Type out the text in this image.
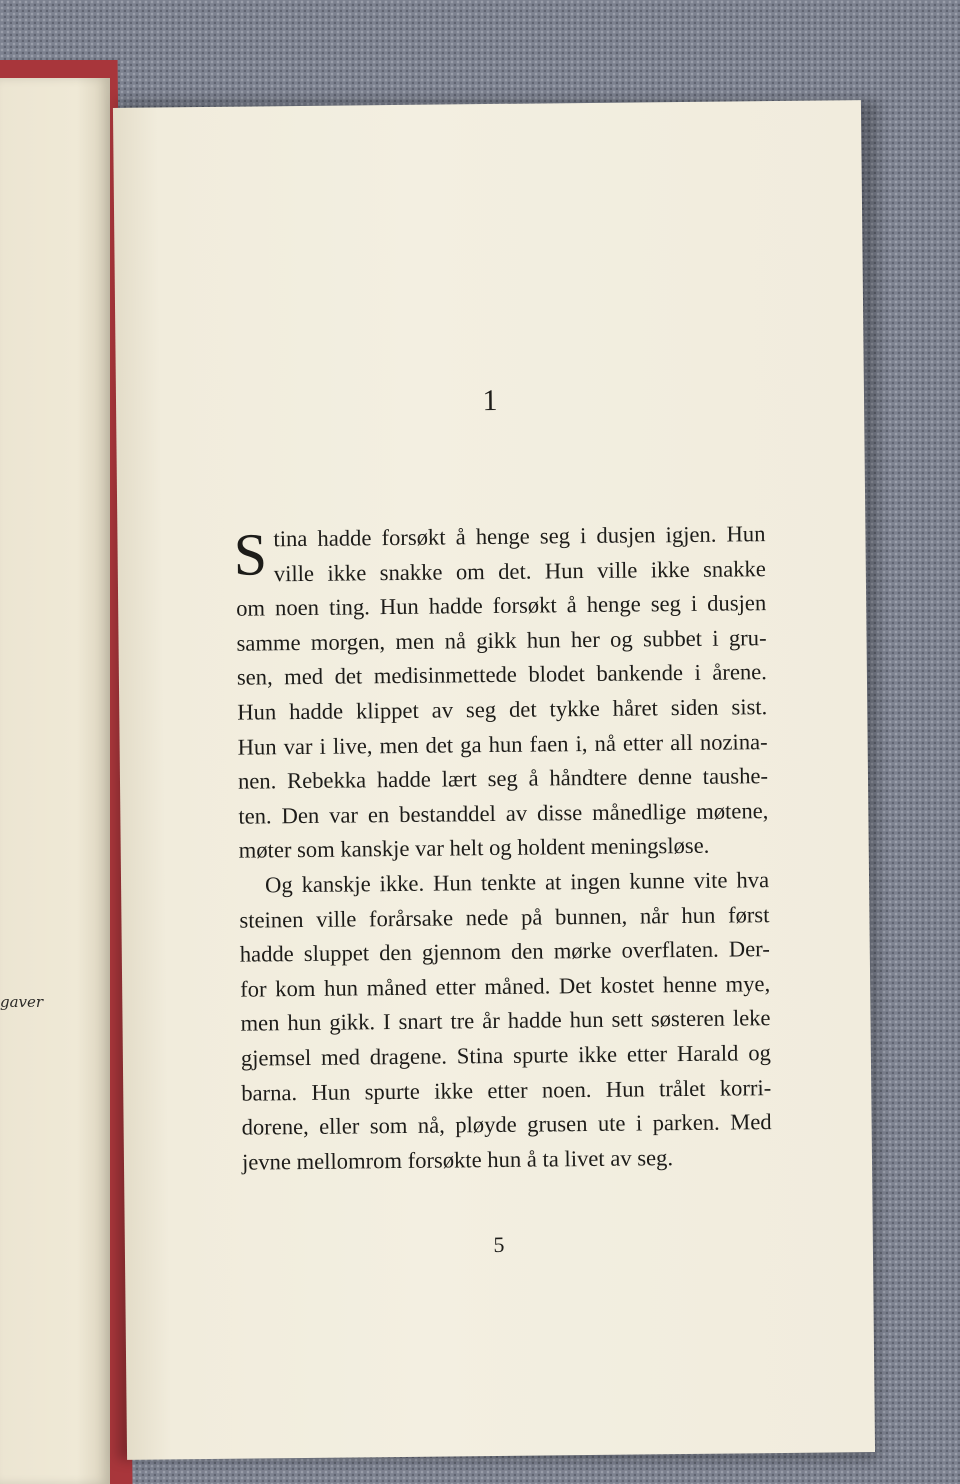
gaver
1
S tina hadde forsøkt å henge seg i dusjen igjen. Hun
ville ikke snakke om det. Hun ville ikke snakke
om noen ting. Hun hadde forsøkt å henge seg i dusjen
samme morgen, men nå gikk hun her og subbet i gru-
sen, med det medisinmettede blodet bankende i årene.
Hun hadde klippet av seg det tykke håret siden sist.
Hun var i live, men det ga hun faen i, nå etter all nozina-
nen. Rebekka hadde lært seg å håndtere denne taushe-
ten. Den var en bestanddel av disse månedlige møtene,
møter som kanskje var helt og holdent meningsløse.
Og kanskje ikke. Hun tenkte at ingen kunne vite hva
steinen ville forårsake nede på bunnen, når hun først
hadde sluppet den gjennom den mørke overflaten. Der-
for kom hun måned etter måned. Det kostet henne mye,
men hun gikk. I snart tre år hadde hun sett søsteren leke
gjemsel med dragene. Stina spurte ikke etter Harald og
barna. Hun spurte ikke etter noen. Hun trålet korri-
dorene, eller som nå, pløyde grusen ute i parken. Med
jevne mellomrom forsøkte hun å ta livet av seg.
5
